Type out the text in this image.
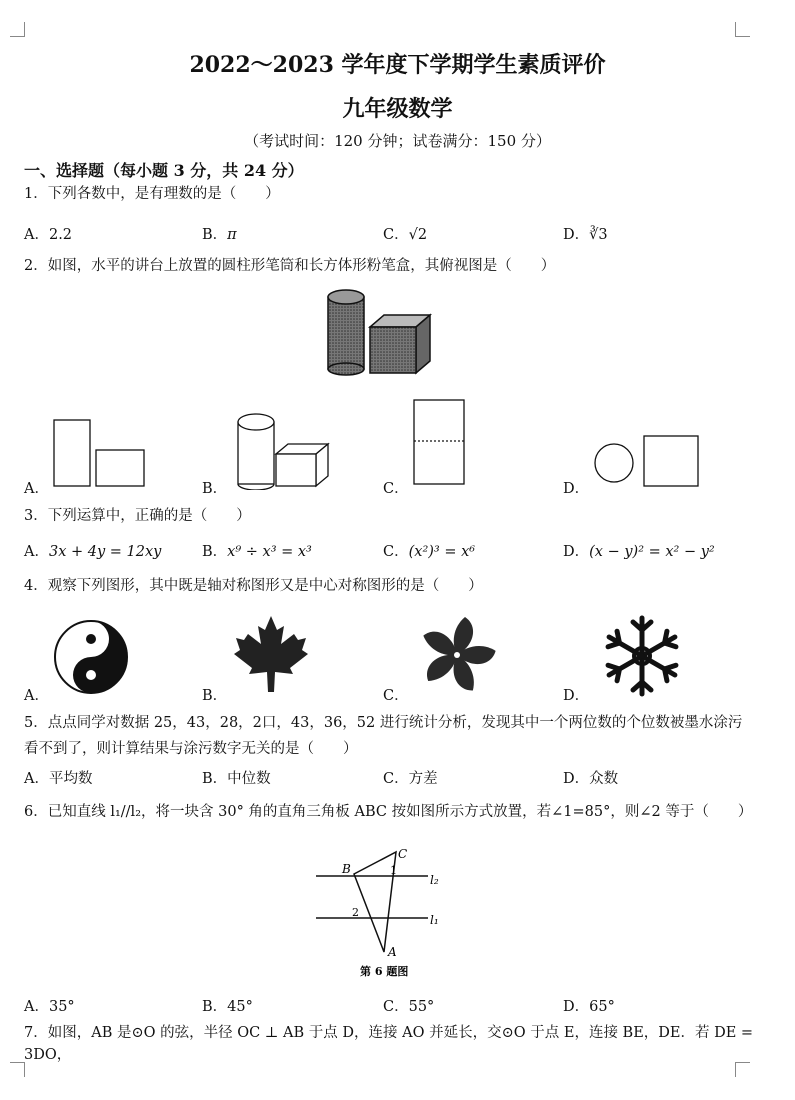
2022～2023 学年度下学期学生素质评价
九年级数学
（考试时间：120 分钟；试卷满分：150 分）
一、选择题（每小题 3 分，共 24 分）
1．下列各数中，是有理数的是（　　）
A．2.2	B．π	C．√2	D．∛3
2．如图，水平的讲台上放置的圆柱形笔筒和长方体形粉笔盒，其俯视图是（　　）
A．	B．	C．	D．
3．下列运算中，正确的是（　　）
A．3x + 4y = 12xy	B．x⁹ ÷ x³ = x³	C．(x²)³ = x⁶	D．(x − y)² = x² − y²
4．观察下列图形，其中既是轴对称图形又是中心对称图形的是（　　）
A．	B．	C．	D．
5．点点同学对数据 25，43，28，2口，43，36，52 进行统计分析，发现其中一个两位数的个位数被墨水涂污
看不到了，则计算结果与涂污数字无关的是（　　）
A．平均数	B．中位数	C．方差	D．众数
6．已知直线 l₁//l₂，将一块含 30° 角的直角三角板 ABC 按如图所示方式放置，若∠1=85°，则∠2 等于（　　）
B
C
1
l₂
2
l₁
A
第 6 题图
A．35°	B．45°	C．55°	D．65°
7．如图，AB 是⊙O 的弦，半径 OC ⊥ AB 于点 D，连接 AO 并延长，交⊙O 于点 E，连接 BE，DE．若 DE = 3DO，
